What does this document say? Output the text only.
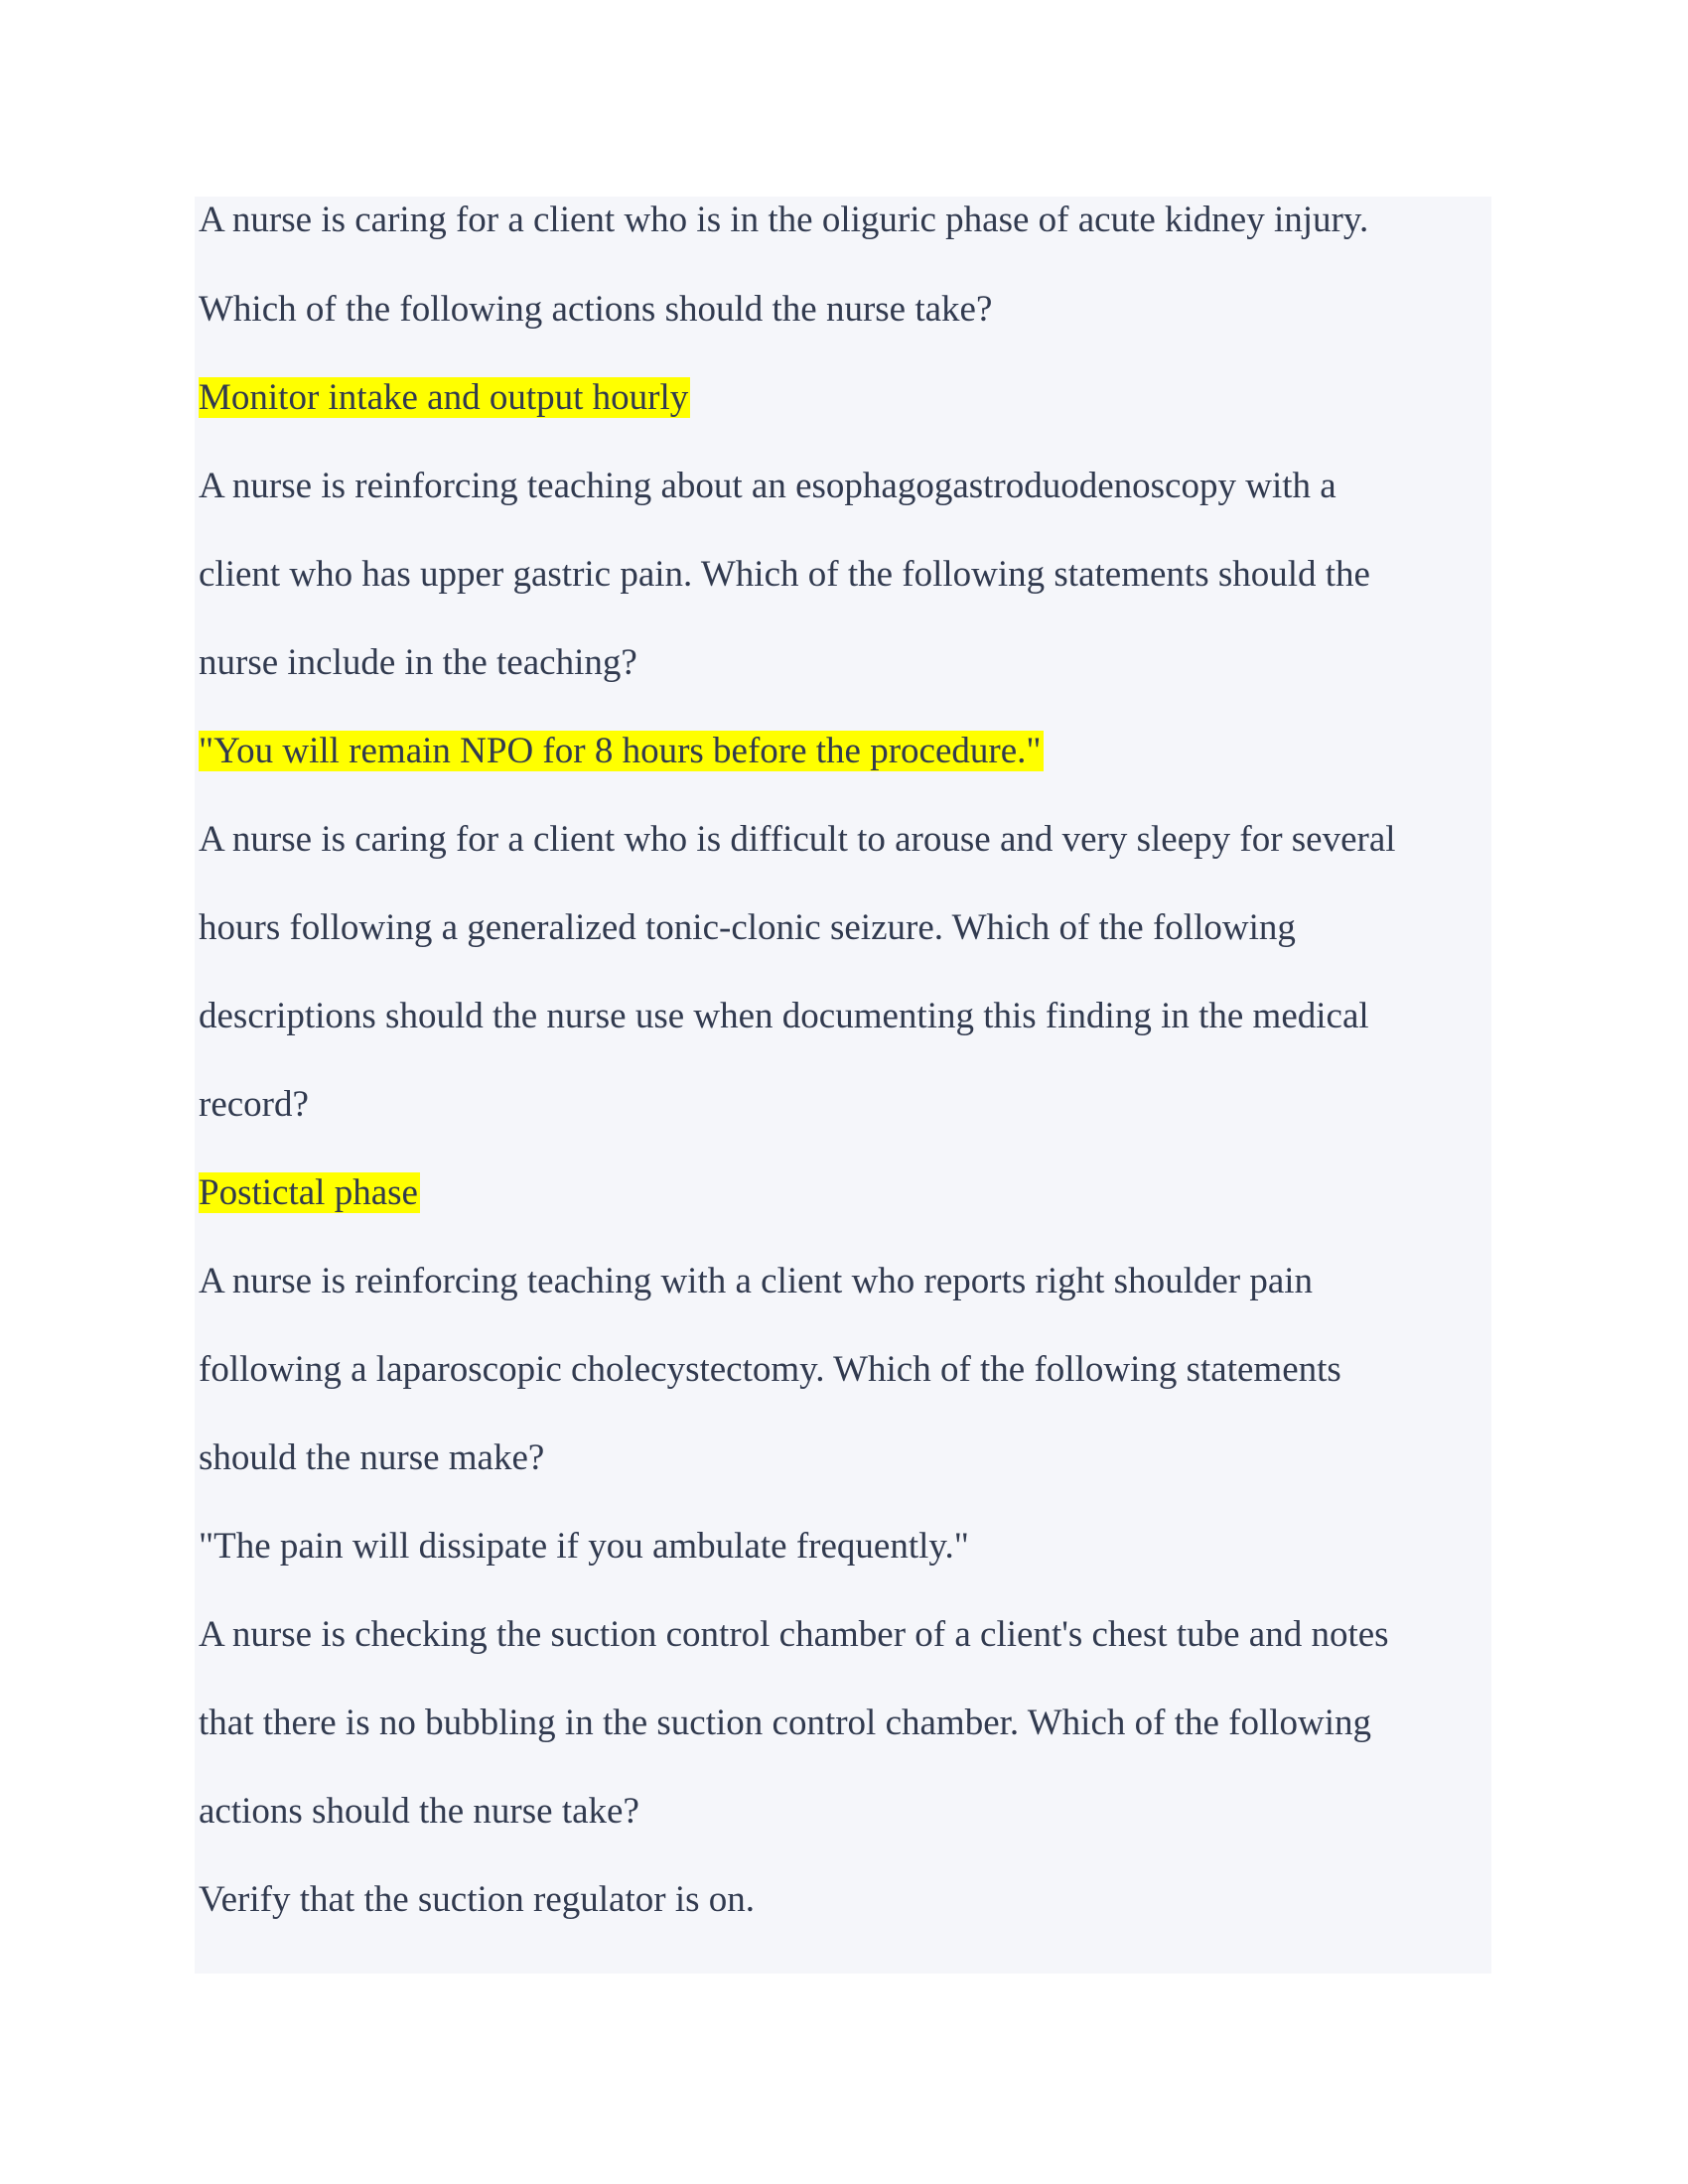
A nurse is caring for a client who is in the oliguric phase of acute kidney injury.
Which of the following actions should the nurse take?
Monitor intake and output hourly
A nurse is reinforcing teaching about an esophagogastroduodenoscopy with a
client who has upper gastric pain. Which of the following statements should the
nurse include in the teaching?
"You will remain NPO for 8 hours before the procedure."
A nurse is caring for a client who is difficult to arouse and very sleepy for several
hours following a generalized tonic-clonic seizure. Which of the following
descriptions should the nurse use when documenting this finding in the medical
record?
Postictal phase
A nurse is reinforcing teaching with a client who reports right shoulder pain
following a laparoscopic cholecystectomy. Which of the following statements
should the nurse make?
"The pain will dissipate if you ambulate frequently."
A nurse is checking the suction control chamber of a client's chest tube and notes
that there is no bubbling in the suction control chamber. Which of the following
actions should the nurse take?
Verify that the suction regulator is on.
